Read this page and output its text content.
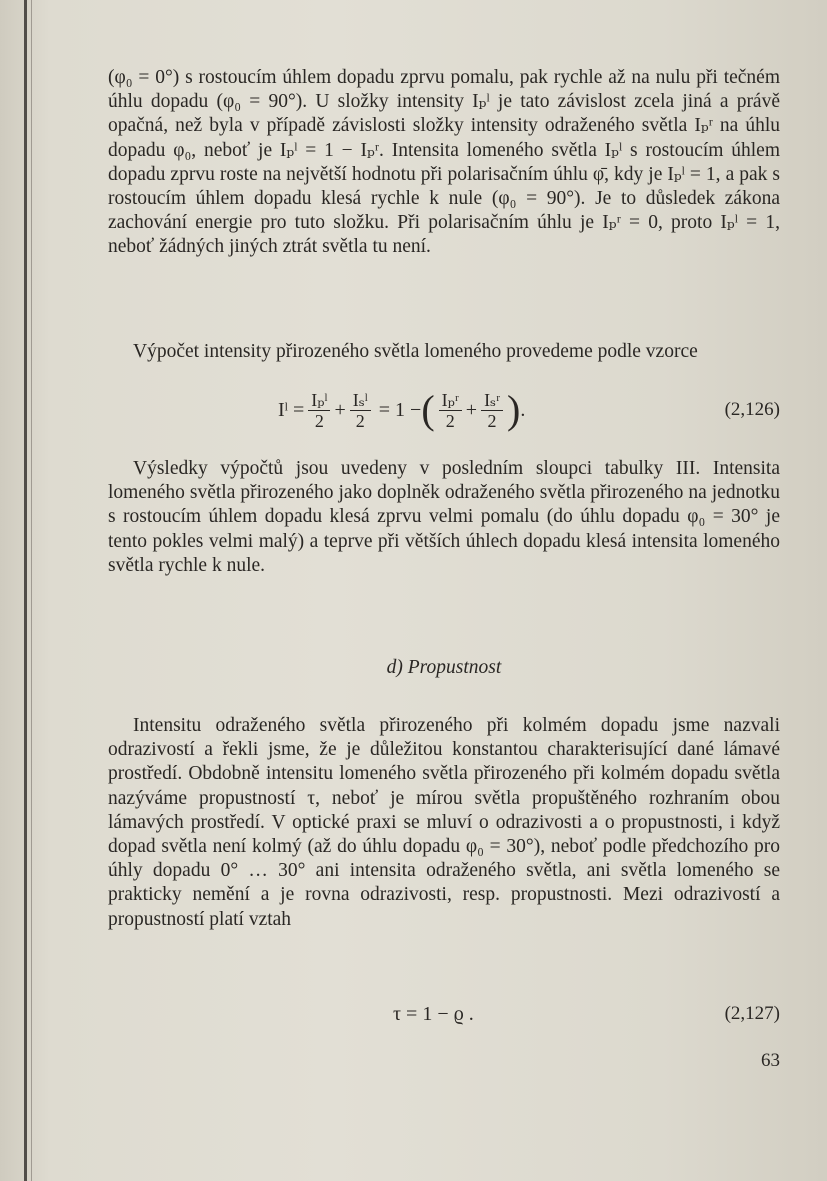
(φ₀ = 0°) s rostoucím úhlem dopadu zprvu pomalu, pak rychle až na nulu při tečném úhlu dopadu (φ₀ = 90°). U složky intensity Iₚˡ je tato závislost zcela jiná a právě opačná, než byla v případě závislosti složky intensity odraženého světla Iₚʳ na úhlu dopadu φ₀, neboť je Iₚˡ = 1 − Iₚʳ. Intensita lomeného světla Iₚˡ s rostoucím úhlem dopadu zprvu roste na největší hodnotu při polarisačním úhlu φ̄, kdy je Iₚˡ = 1, a pak s rostoucím úhlem dopadu klesá rychle k nule (φ₀ = 90°). Je to důsledek zákona zachování energie pro tuto složku. Při polarisačním úhlu je Iₚʳ = 0, proto Iₚˡ = 1, neboť žádných jiných ztrát světla tu není.

Výpočet intensity přirozeného světla lomeného provedeme podle vzorce

Iˡ = $\frac{\text{Iₚˡ}}{2} + \frac{\text{Iₛˡ}}{2} = 1$ − ( $\frac{\text{Iₚʳ}}{2} + \frac{\text{Iₛʳ}}{2}$ ) .	(2,126)

Výsledky výpočtů jsou uvedeny v posledním sloupci tabulky III. Intensita lomeného světla přirozeného jako doplněk odraženého světla přirozeného na jednotku s rostoucím úhlem dopadu klesá zprvu velmi pomalu (do úhlu dopadu φ₀ = 30° je tento pokles velmi malý) a teprve při větších úhlech dopadu klesá intensita lomeného světla rychle k nule.

d) Propustnost

Intensitu odraženého světla přirozeného při kolmém dopadu jsme nazvali odrazivostí a řekli jsme, že je důležitou konstantou charakterisující dané lámavé prostředí. Obdobně intensitu lomeného světla přirozeného při kolmém dopadu světla nazýváme propustností τ, neboť je mírou světla propuštěného rozhraním obou lámavých prostředí. V optické praxi se mluví o odrazivosti a o propustnosti, i když dopad světla není kolmý (až do úhlu dopadu φ₀ = 30°), neboť podle předchozího pro úhly dopadu 0° … 30° ani intensita odraženého světla, ani světla lomeného se prakticky nemění a je rovna odrazivosti, resp. propustnosti. Mezi odrazivostí a propustností platí vztah

τ = 1 − ϱ .	(2,127)
63
